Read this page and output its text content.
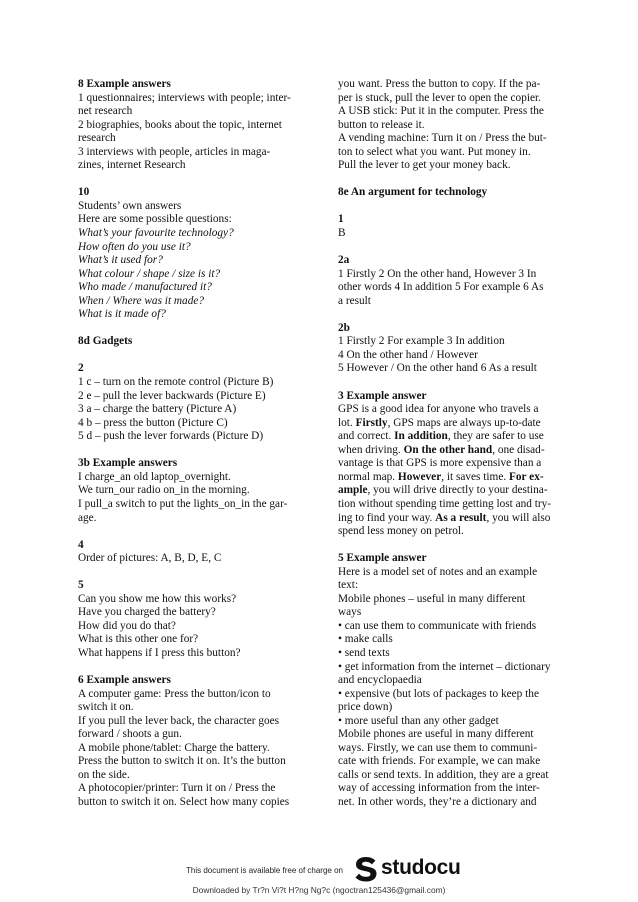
8 Example answers
1 questionnaires; interviews with people; inter-
net research
2 biographies, books about the topic, internet
research
3 interviews with people, articles in maga-
zines, internet Research
10
Students’ own answers
Here are some possible questions:
What’s your favourite technology?
How often do you use it?
What’s it used for?
What colour / shape / size is it?
Who made / manufactured it?
When / Where was it made?
What is it made of?
8d Gadgets
2
1 c – turn on the remote control (Picture B)
2 e – pull the lever backwards (Picture E)
3 a – charge the battery (Picture A)
4 b – press the button (Picture C)
5 d – push the lever forwards (Picture D)
3b Example answers
I charge_an old laptop_overnight.
We turn_our radio on_in the morning.
I pull_a switch to put the lights_on_in the gar-
age.
4
Order of pictures: A, B, D, E, C
5
Can you show me how this works?
Have you charged the battery?
How did you do that?
What is this other one for?
What happens if I press this button?
6 Example answers
A computer game: Press the button/icon to
switch it on.
If you pull the lever back, the character goes
forward / shoots a gun.
A mobile phone/tablet: Charge the battery.
Press the button to switch it on. It’s the button
on the side.
A photocopier/printer: Turn it on / Press the
button to switch it on. Select how many copies
you want. Press the button to copy. If the pa-
per is stuck, pull the lever to open the copier.
A USB stick: Put it in the computer. Press the
button to release it.
A vending machine: Turn it on / Press the but-
ton to select what you want. Put money in.
Pull the lever to get your money back.
8e An argument for technology
1
B
2a
1 Firstly 2 On the other hand, However 3 In
other words 4 In addition 5 For example 6 As
a result
2b
1 Firstly 2 For example 3 In addition
4 On the other hand / However
5 However / On the other hand 6 As a result
3 Example answer
GPS is a good idea for anyone who travels a
lot. Firstly, GPS maps are always up-to-date
and correct. In addition, they are safer to use
when driving. On the other hand, one disad-
vantage is that GPS is more expensive than a
normal map. However, it saves time. For ex-
ample, you will drive directly to your destina-
tion without spending time getting lost and try-
ing to find your way. As a result, you will also
spend less money on petrol.
5 Example answer
Here is a model set of notes and an example
text:
Mobile phones – useful in many different
ways
• can use them to communicate with friends
• make calls
• send texts
• get information from the internet – dictionary
and encyclopaedia
• expensive (but lots of packages to keep the
price down)
• more useful than any other gadget
Mobile phones are useful in many different
ways. Firstly, we can use them to communi-
cate with friends. For example, we can make
calls or send texts. In addition, they are a great
way of accessing information from the inter-
net. In other words, they’re a dictionary and
This document is available free of charge on studocu
Downloaded by Tr?n Vi?t H?ng Ng?c (ngoctran125436@gmail.com)
